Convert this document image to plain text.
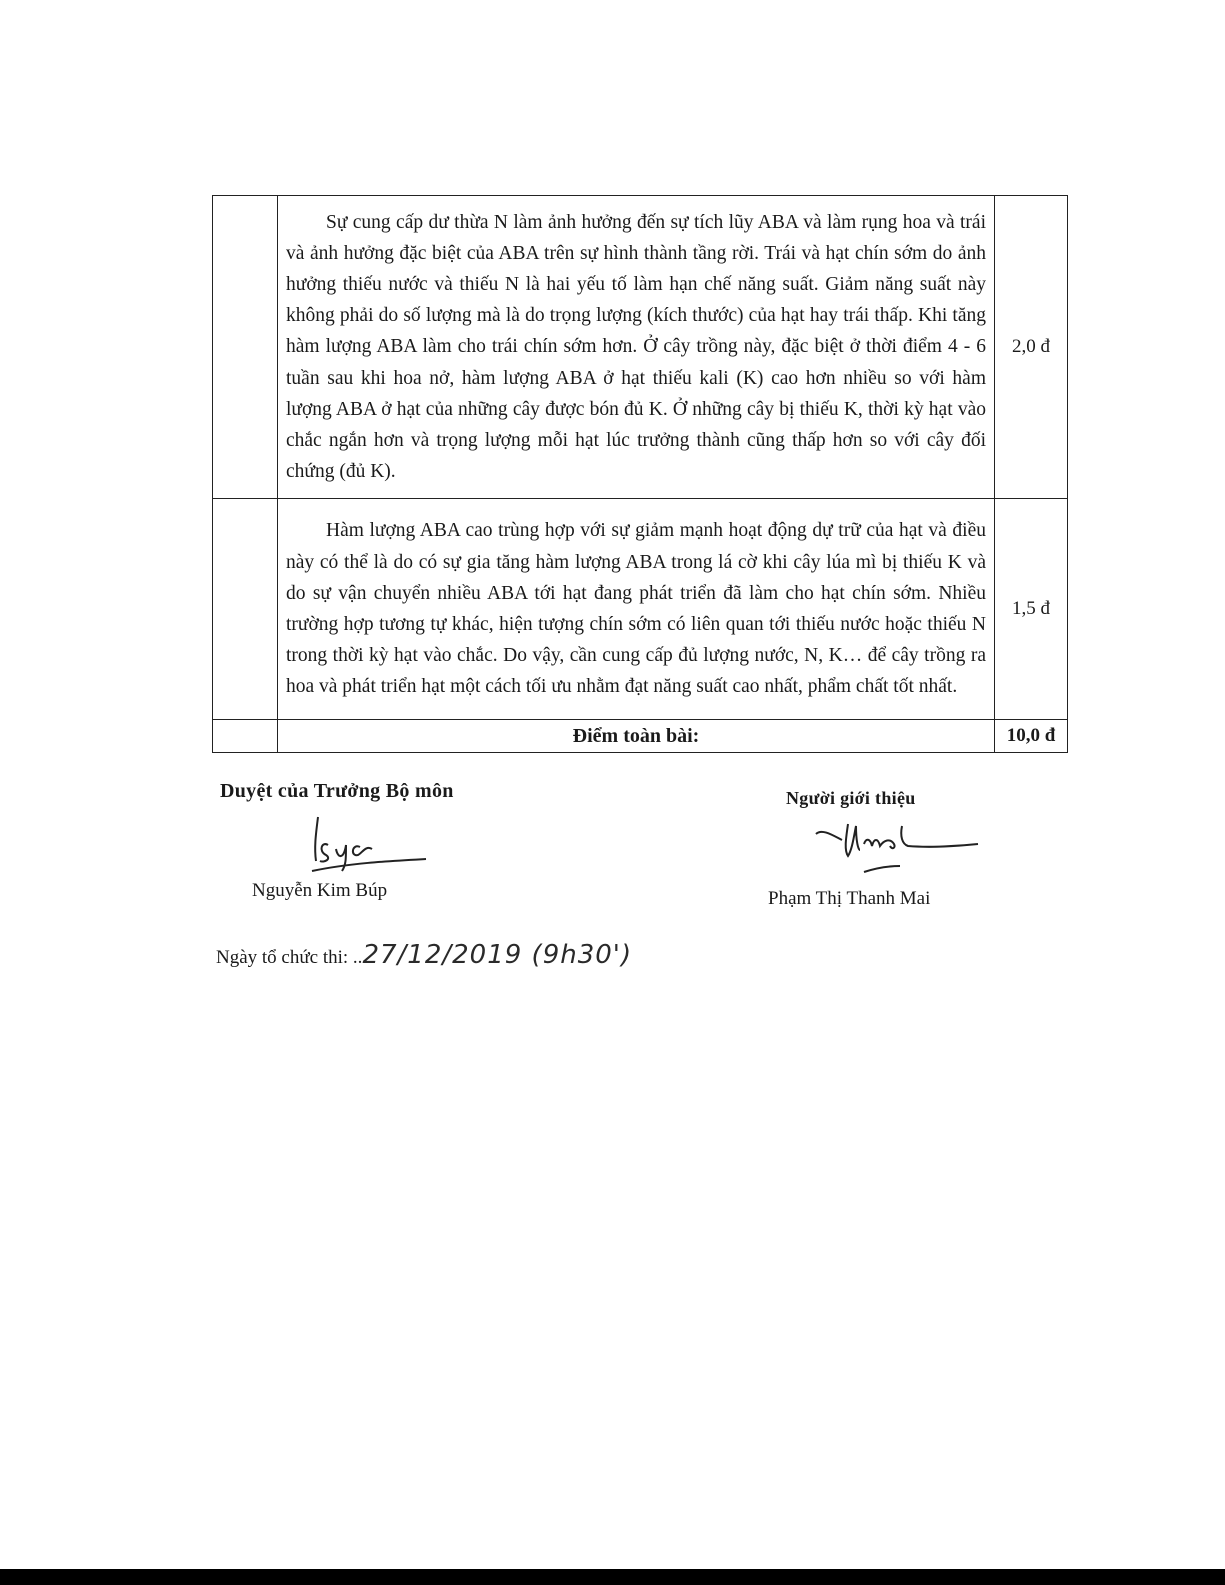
	Sự cung cấp dư thừa N làm ảnh hưởng đến sự tích lũy ABA và làm rụng hoa và trái và ảnh hưởng đặc biệt của ABA trên sự hình thành tầng rời. Trái và hạt chín sớm do ảnh hưởng thiếu nước và thiếu N là hai yếu tố làm hạn chế năng suất. Giảm năng suất này không phải do số lượng mà là do trọng lượng (kích thước) của hạt hay trái thấp. Khi tăng hàm lượng ABA làm cho trái chín sớm hơn. Ở cây trồng này, đặc biệt ở thời điểm 4 - 6 tuần sau khi hoa nở, hàm lượng ABA ở hạt thiếu kali (K) cao hơn nhiều so với hàm lượng ABA ở hạt của những cây được bón đủ K. Ở những cây bị thiếu K, thời kỳ hạt vào chắc ngắn hơn và trọng lượng mỗi hạt lúc trưởng thành cũng thấp hơn so với cây đối chứng (đủ K).	2,0 đ

	Hàm lượng ABA cao trùng hợp với sự giảm mạnh hoạt động dự trữ của hạt và điều này có thể là do có sự gia tăng hàm lượng ABA trong lá cờ khi cây lúa mì bị thiếu K và do sự vận chuyển nhiều ABA tới hạt đang phát triển đã làm cho hạt chín sớm. Nhiều trường hợp tương tự khác, hiện tượng chín sớm có liên quan tới thiếu nước hoặc thiếu N trong thời kỳ hạt vào chắc. Do vậy, cần cung cấp đủ lượng nước, N, K… để cây trồng ra hoa và phát triển hạt một cách tối ưu nhằm đạt năng suất cao nhất, phẩm chất tốt nhất.	1,5 đ
	Điểm toàn bài:	10,0 đ
Duyệt của Trưởng Bộ môn
Nguyễn Kim Búp
Người giới thiệu
Phạm Thị Thanh Mai
Ngày tổ chức thi: ..27/12/2019 (9h30')
